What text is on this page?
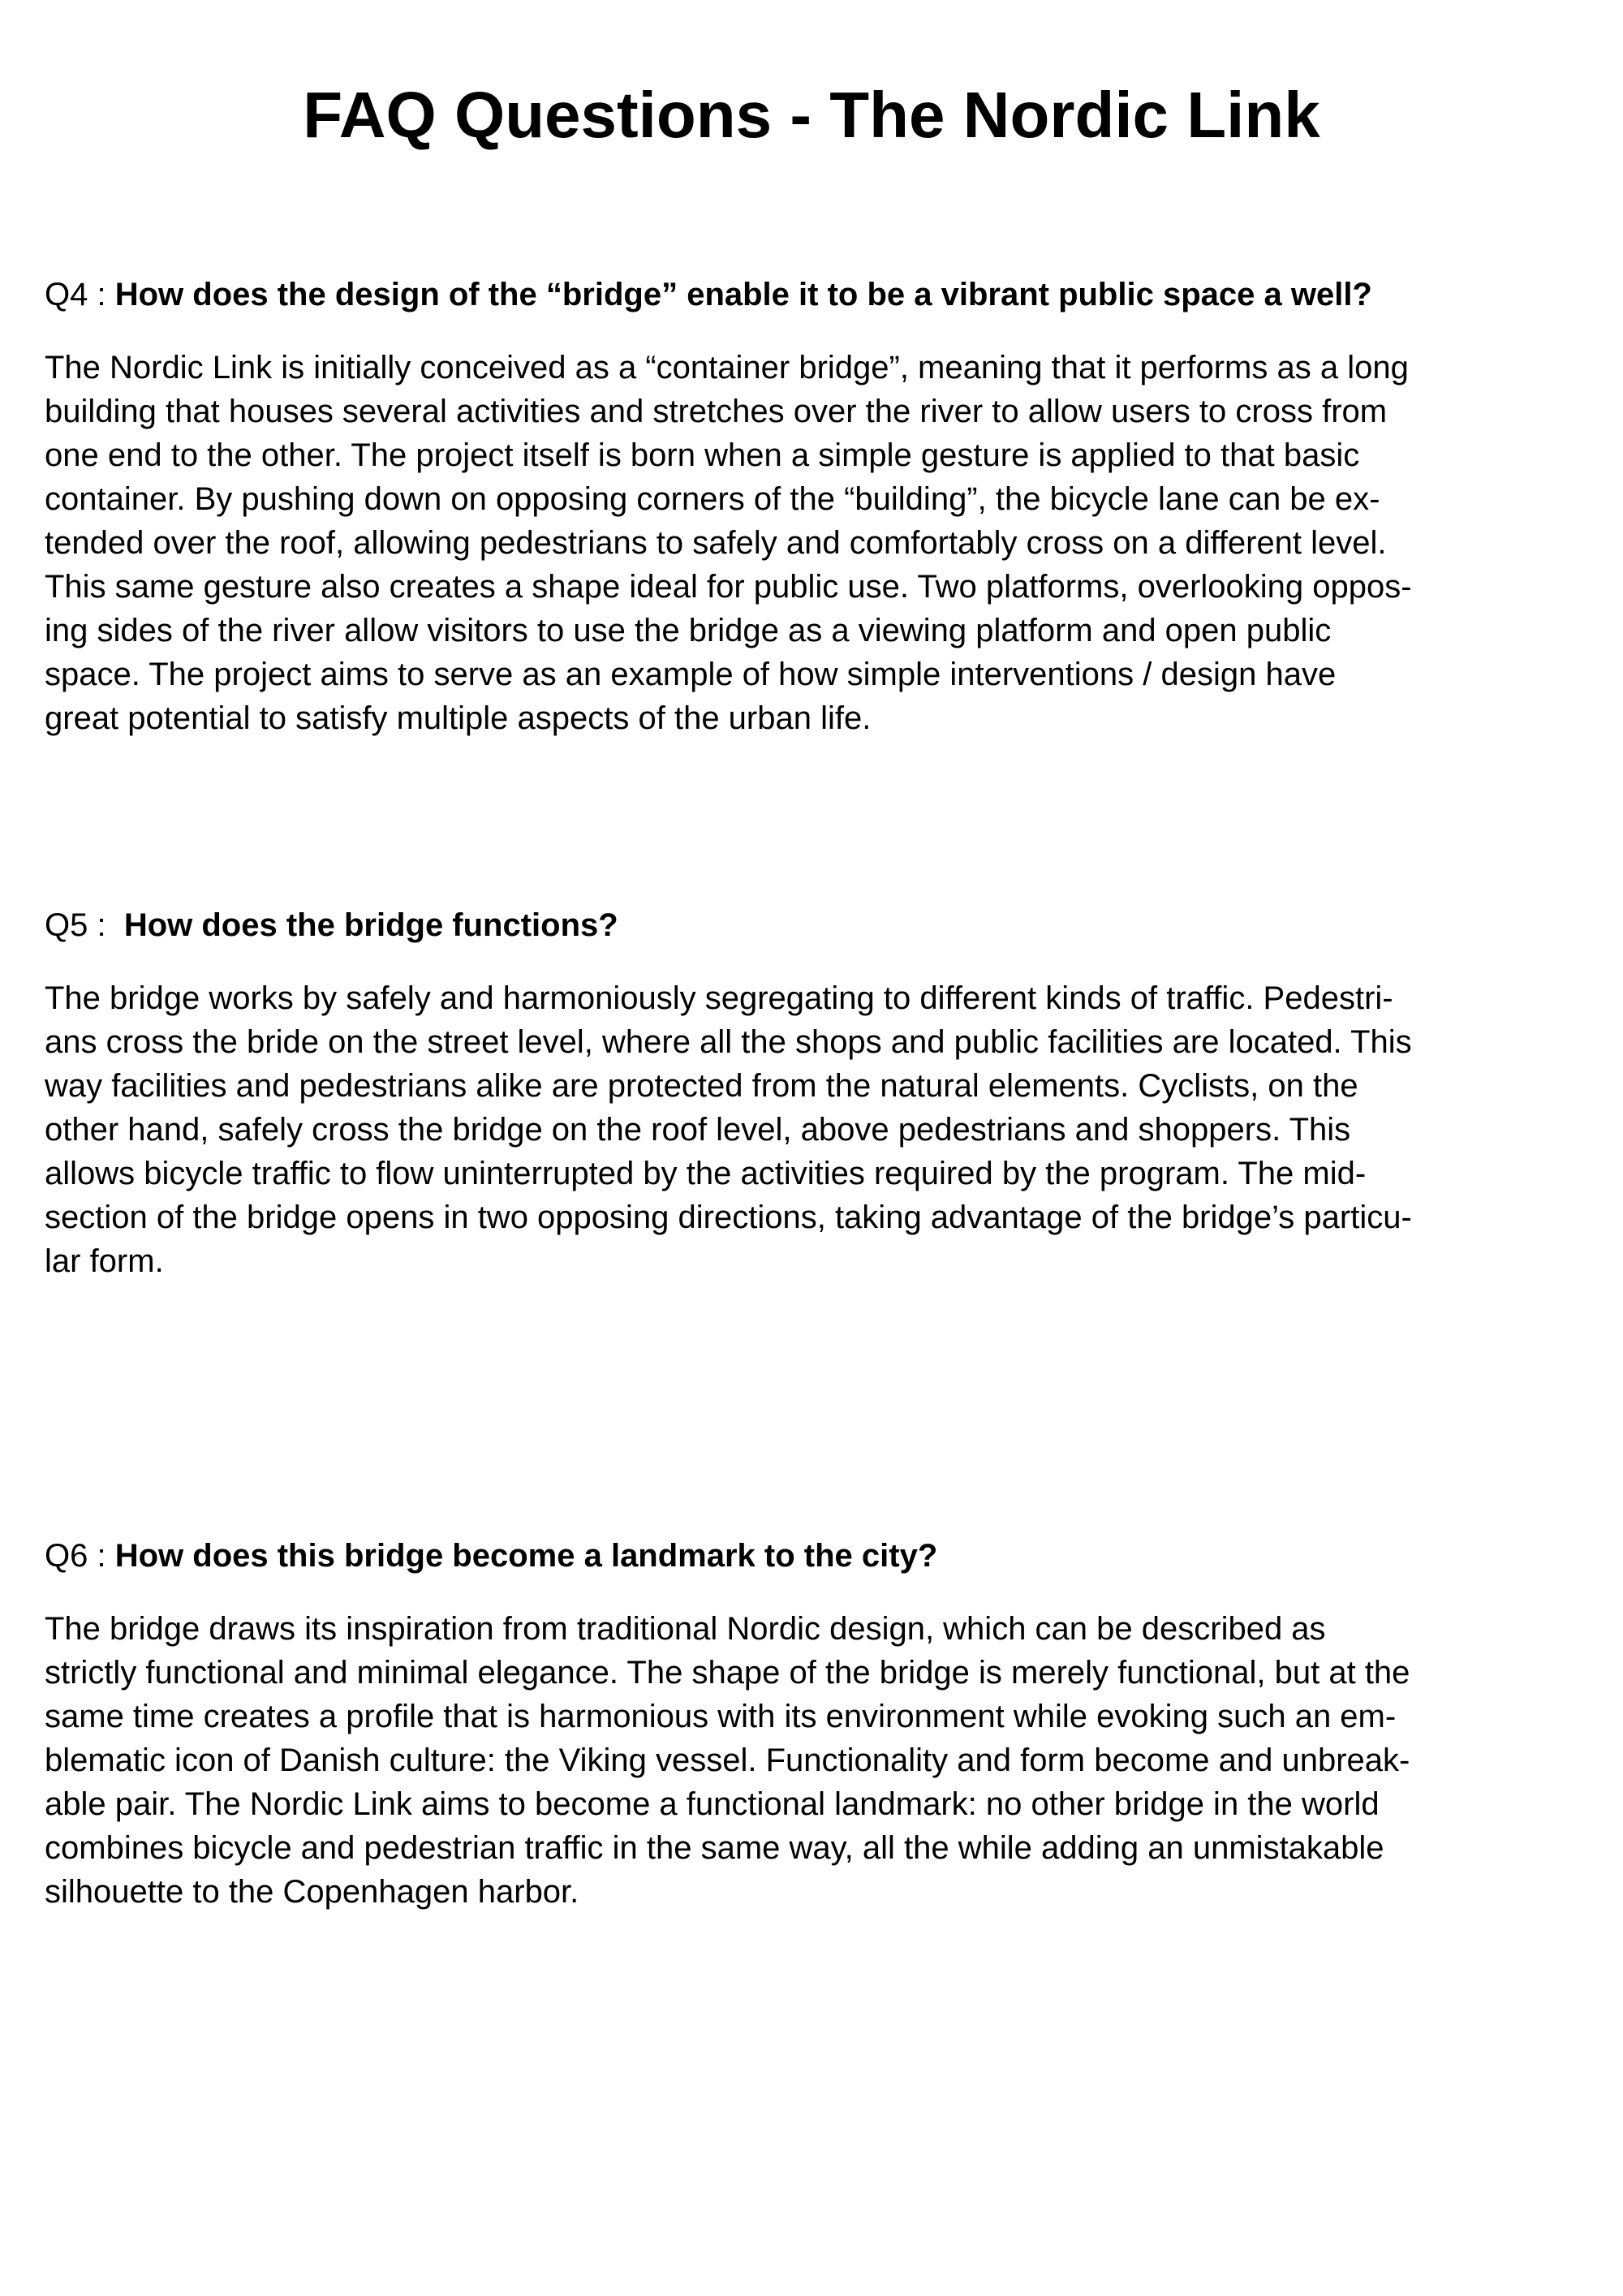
FAQ Questions - The Nordic Link

Q4 : How does the design of the “bridge” enable it to be a vibrant public space a well?

The Nordic Link is initially conceived as a “container bridge”, meaning that it performs as a long
building that houses several activities and stretches over the river to allow users to cross from
one end to the other. The project itself is born when a simple gesture is applied to that basic
container. By pushing down on opposing corners of the “building”, the bicycle lane can be ex-
tended over the roof, allowing pedestrians to safely and comfortably cross on a different level.
This same gesture also creates a shape ideal for public use. Two platforms, overlooking oppos-
ing sides of the river allow visitors to use the bridge as a viewing platform and open public
space. The project aims to serve as an example of how simple interventions / design have
great potential to satisfy multiple aspects of the urban life.

Q5 : How does the bridge functions?

The bridge works by safely and harmoniously segregating to different kinds of traffic. Pedestri-
ans cross the bride on the street level, where all the shops and public facilities are located. This
way facilities and pedestrians alike are protected from the natural elements. Cyclists, on the
other hand, safely cross the bridge on the roof level, above pedestrians and shoppers. This
allows bicycle traffic to flow uninterrupted by the activities required by the program. The mid-
section of the bridge opens in two opposing directions, taking advantage of the bridge’s particu-
lar form.

Q6 : How does this bridge become a landmark to the city?

The bridge draws its inspiration from traditional Nordic design, which can be described as
strictly functional and minimal elegance. The shape of the bridge is merely functional, but at the
same time creates a profile that is harmonious with its environment while evoking such an em-
blematic icon of Danish culture: the Viking vessel. Functionality and form become and unbreak-
able pair. The Nordic Link aims to become a functional landmark: no other bridge in the world
combines bicycle and pedestrian traffic in the same way, all the while adding an unmistakable
silhouette to the Copenhagen harbor.
